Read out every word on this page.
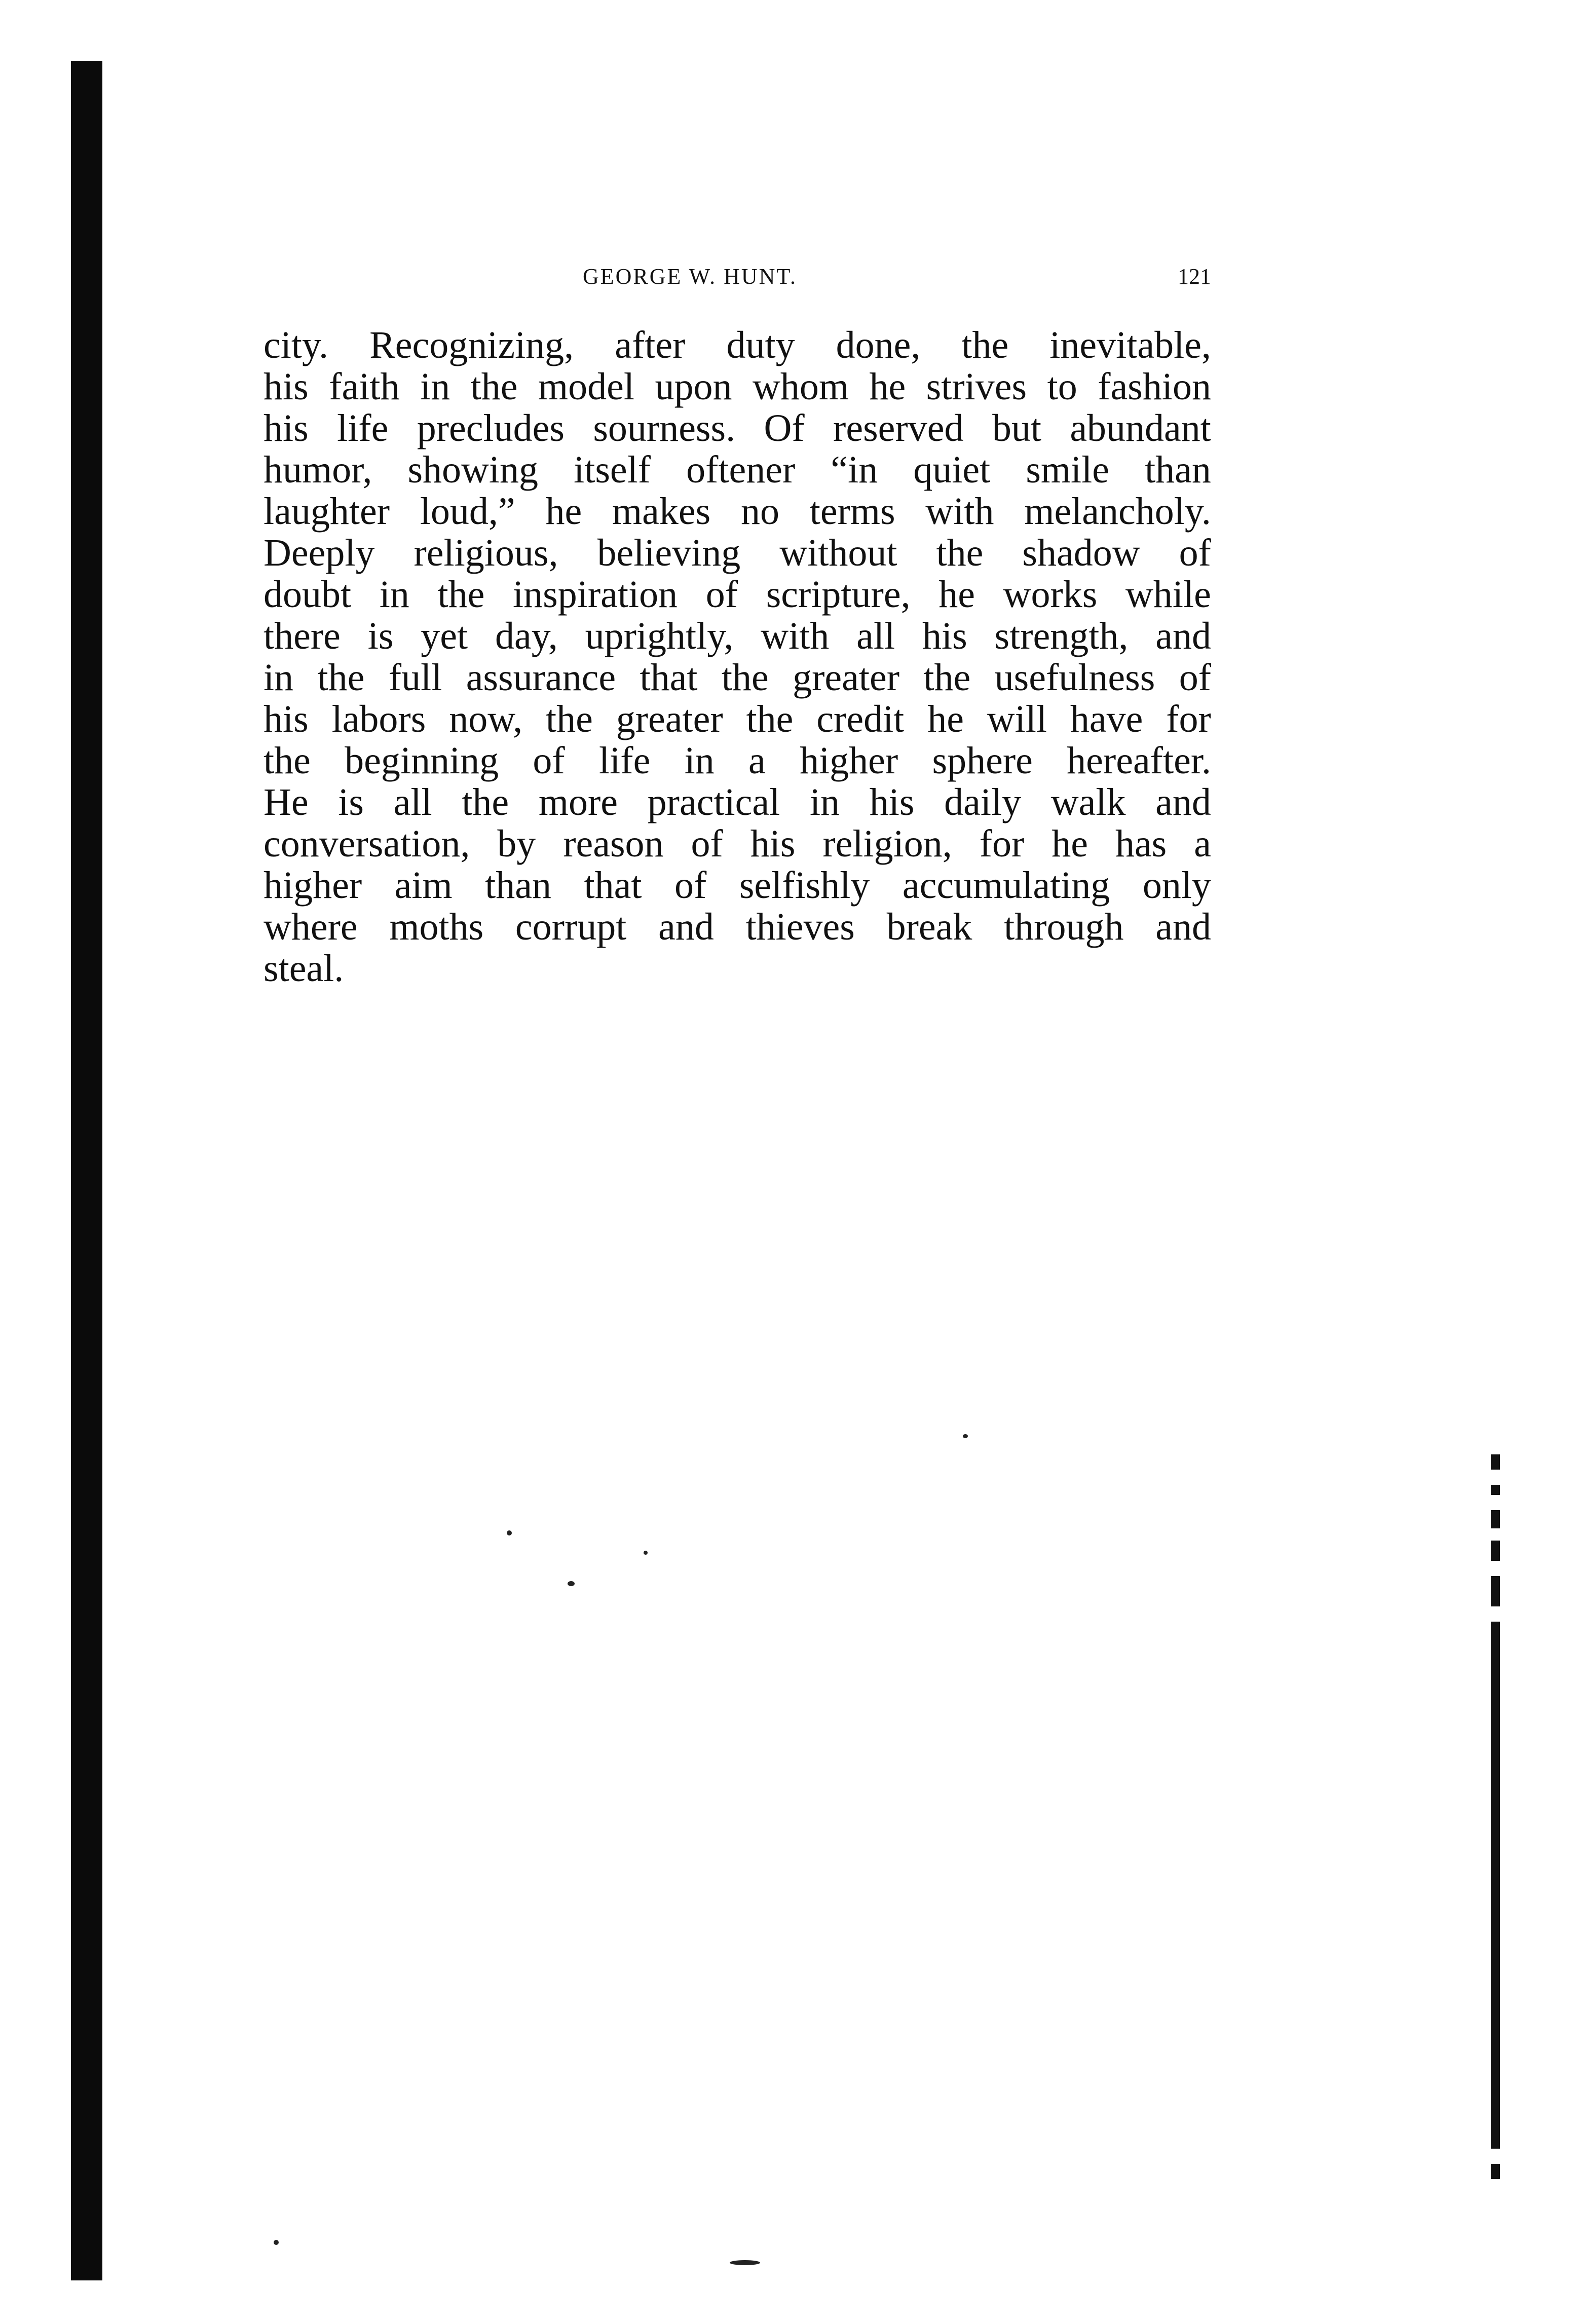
GEORGE W. HUNT.	121
city. Recognizing, after duty done, the inevitable,
his faith in the model upon whom he strives to fashion
his life precludes sourness. Of reserved but abundant
humor, showing itself oftener “in quiet smile than
laughter loud,” he makes no terms with melancholy.
Deeply religious, believing without the shadow of
doubt in the inspiration of scripture, he works while
there is yet day, uprightly, with all his strength, and
in the full assurance that the greater the usefulness of
his labors now, the greater the credit he will have for
the beginning of life in a higher sphere hereafter.
He is all the more practical in his daily walk and
conversation, by reason of his religion, for he has a
higher aim than that of selfishly accumulating only
where moths corrupt and thieves break through and
steal.
